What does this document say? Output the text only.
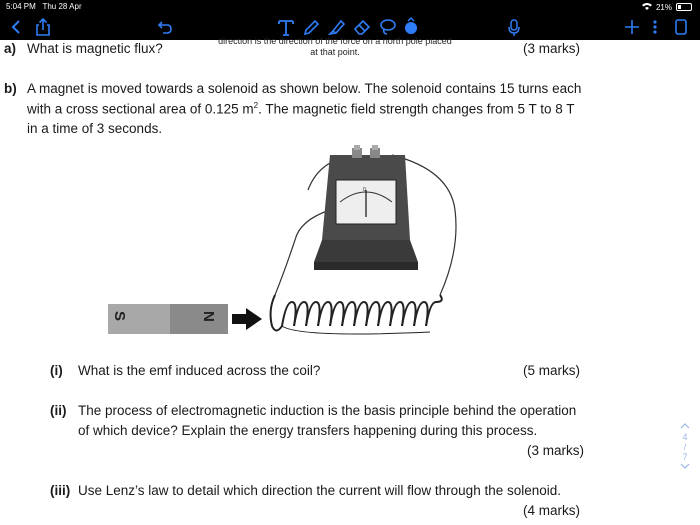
5:04 PM Thu 28 Apr	21%
direction is the direction of the force on a north pole placed
at that point.
a) What is magnetic flux?	(3 marks)
b) A magnet is moved towards a solenoid as shown below. The solenoid contains 15 turns each
with a cross sectional area of 0.125 $m^2$. The magnetic field strength changes from 5 T to 8 T
in a time of 3 seconds.
0
S	N
(i) What is the emf induced across the coil?	(5 marks)
(ii) The process of electromagnetic induction is the basis principle behind the operation
of which device? Explain the energy transfers happening during this process.
(3 marks)
(iii) Use Lenz’s law to detail which direction the current will flow through the solenoid.
(4 marks)
4
/
7
